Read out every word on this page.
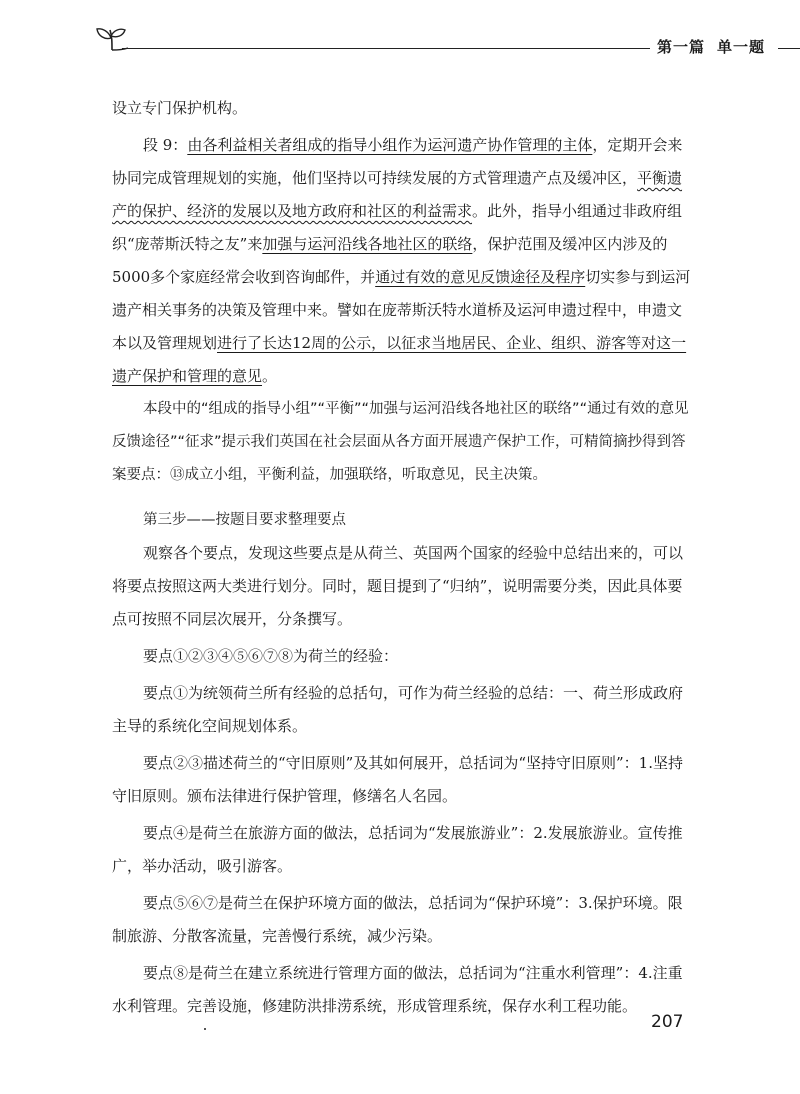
第一篇 单一题

设立专门保护机构。

段 9：由各利益相关者组成的指导小组作为运河遗产协作管理的主体，定期开会来协同完成管理规划的实施，他们坚持以可持续发展的方式管理遗产点及缓冲区，平衡遗产的保护、经济的发展以及地方政府和社区的利益需求。此外，指导小组通过非政府组织“庞蒂斯沃特之友”来加强与运河沿线各地社区的联络，保护范围及缓冲区内涉及的5000多个家庭经常会收到咨询邮件，并通过有效的意见反馈途径及程序切实参与到运河遗产相关事务的决策及管理中来。譬如在庞蒂斯沃特水道桥及运河申遗过程中，申遗文本以及管理规划进行了长达12周的公示，以征求当地居民、企业、组织、游客等对这一遗产保护和管理的意见。

本段中的“组成的指导小组”“平衡”“加强与运河沿线各地社区的联络”“通过有效的意见反馈途径”“征求”提示我们英国在社会层面从各方面开展遗产保护工作，可精简摘抄得到答案要点：⑬成立小组，平衡利益，加强联络，听取意见，民主决策。

第三步——按题目要求整理要点

观察各个要点，发现这些要点是从荷兰、英国两个国家的经验中总结出来的，可以将要点按照这两大类进行划分。同时，题目提到了“归纳”，说明需要分类，因此具体要点可按照不同层次展开，分条撰写。

要点①②③④⑤⑥⑦⑧为荷兰的经验：

要点①为统领荷兰所有经验的总括句，可作为荷兰经验的总结：一、荷兰形成政府主导的系统化空间规划体系。

要点②③描述荷兰的“守旧原则”及其如何展开，总括词为“坚持守旧原则”：1.坚持守旧原则。颁布法律进行保护管理，修缮名人名园。

要点④是荷兰在旅游方面的做法，总括词为“发展旅游业”：2.发展旅游业。宣传推广，举办活动，吸引游客。

要点⑤⑥⑦是荷兰在保护环境方面的做法，总括词为“保护环境”：3.保护环境。限制旅游、分散客流量，完善慢行系统，减少污染。

要点⑧是荷兰在建立系统进行管理方面的做法，总括词为“注重水利管理”：4.注重水利管理。完善设施，修建防洪排涝系统，形成管理系统，保存水利工程功能。

207
